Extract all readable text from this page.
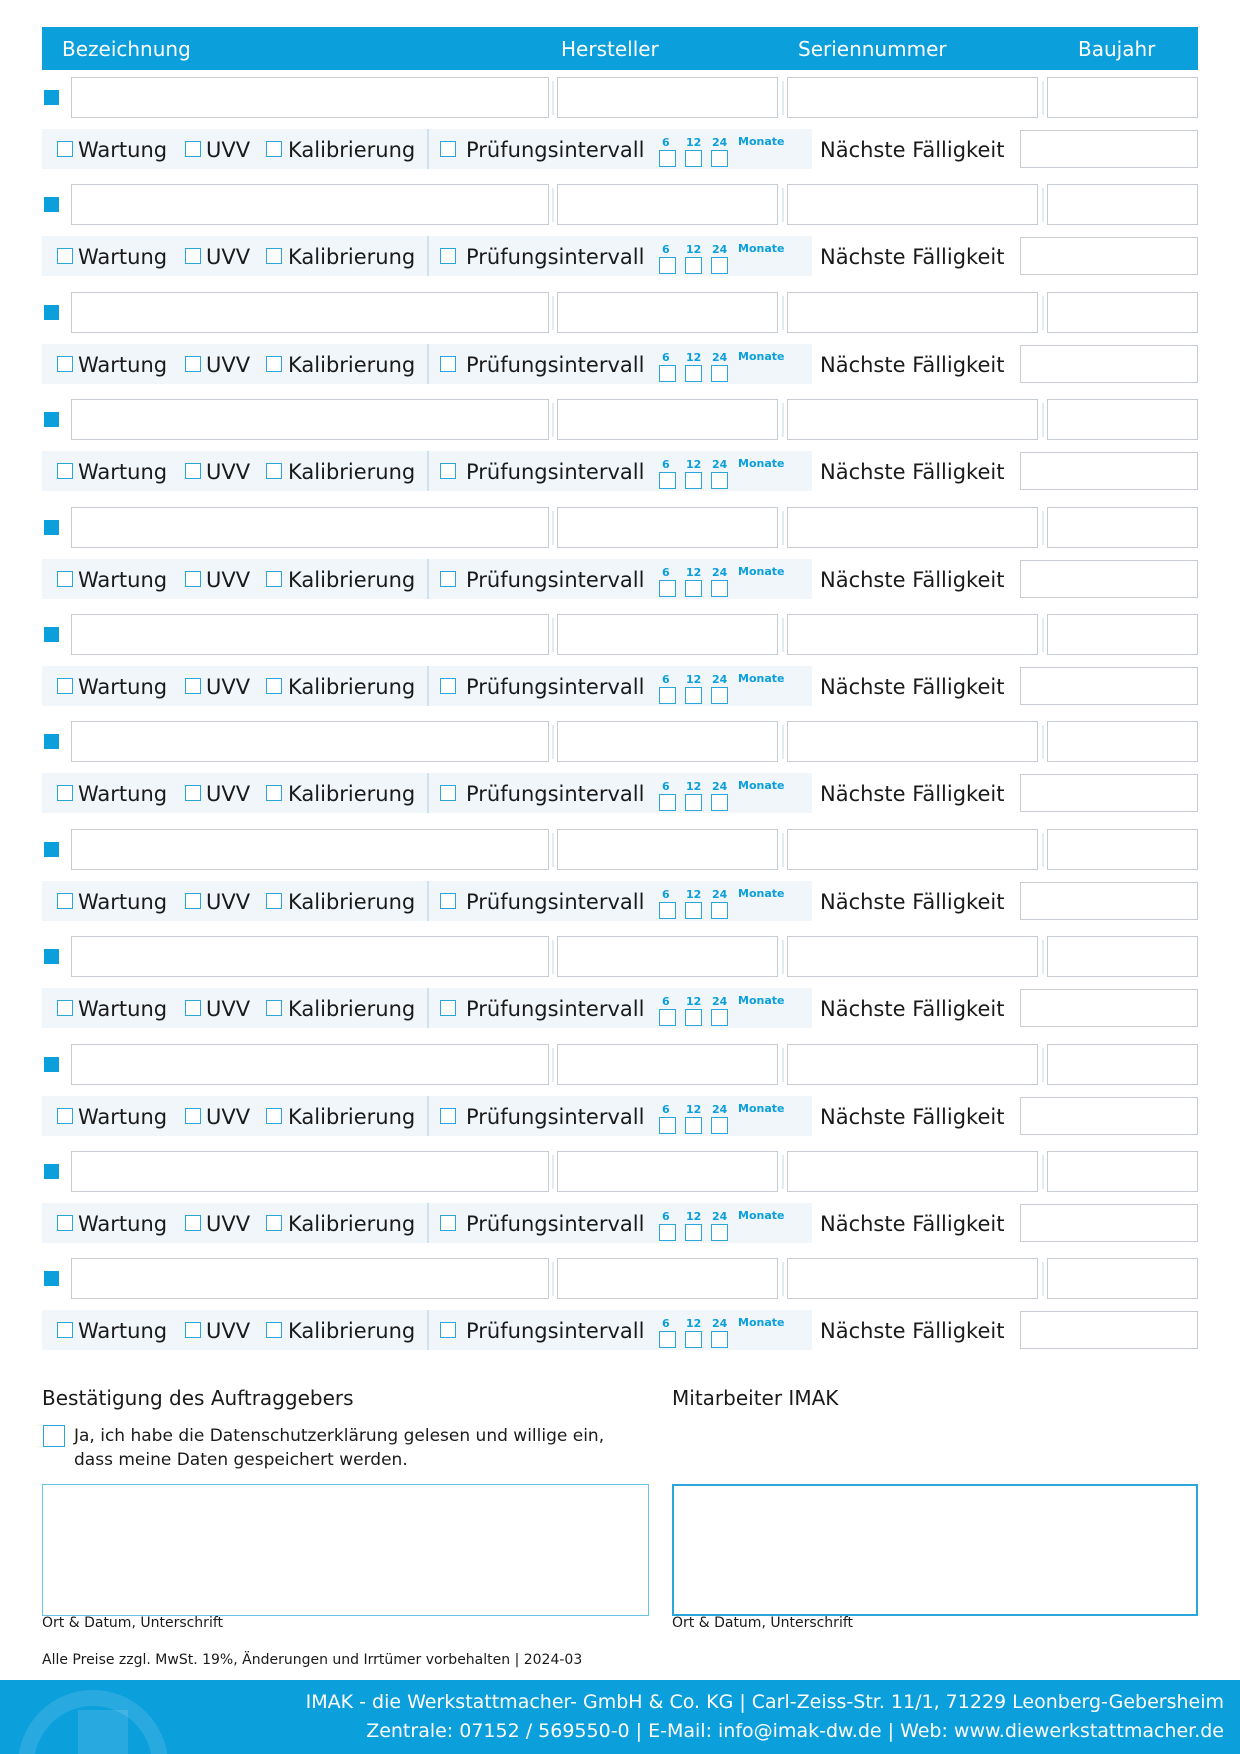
Bezeichnung	Hersteller	Seriennummer	Baujahr
Wartung UVV Kalibrierung Prüfungsintervall 6 12 24 Monate Nächste Fälligkeit
Wartung UVV Kalibrierung Prüfungsintervall 6 12 24 Monate Nächste Fälligkeit
Wartung UVV Kalibrierung Prüfungsintervall 6 12 24 Monate Nächste Fälligkeit
Wartung UVV Kalibrierung Prüfungsintervall 6 12 24 Monate Nächste Fälligkeit
Wartung UVV Kalibrierung Prüfungsintervall 6 12 24 Monate Nächste Fälligkeit
Wartung UVV Kalibrierung Prüfungsintervall 6 12 24 Monate Nächste Fälligkeit
Wartung UVV Kalibrierung Prüfungsintervall 6 12 24 Monate Nächste Fälligkeit
Wartung UVV Kalibrierung Prüfungsintervall 6 12 24 Monate Nächste Fälligkeit
Wartung UVV Kalibrierung Prüfungsintervall 6 12 24 Monate Nächste Fälligkeit
Wartung UVV Kalibrierung Prüfungsintervall 6 12 24 Monate Nächste Fälligkeit
Wartung UVV Kalibrierung Prüfungsintervall 6 12 24 Monate Nächste Fälligkeit
Wartung UVV Kalibrierung Prüfungsintervall 6 12 24 Monate Nächste Fälligkeit
Bestätigung des Auftraggebers	Mitarbeiter IMAK
Ja, ich habe die Datenschutzerklärung gelesen und willige ein, dass meine Daten gespeichert werden.
Ort & Datum, Unterschrift	Ort & Datum, Unterschrift
Alle Preise zzgl. MwSt. 19%, Änderungen und Irrtümer vorbehalten | 2024-03
IMAK - die Werkstattmacher- GmbH & Co. KG | Carl-Zeiss-Str. 11/1, 71229 Leonberg-Gebersheim
Zentrale: 07152 / 569550-0 | E-Mail: info@imak-dw.de | Web: www.diewerkstattmacher.de
